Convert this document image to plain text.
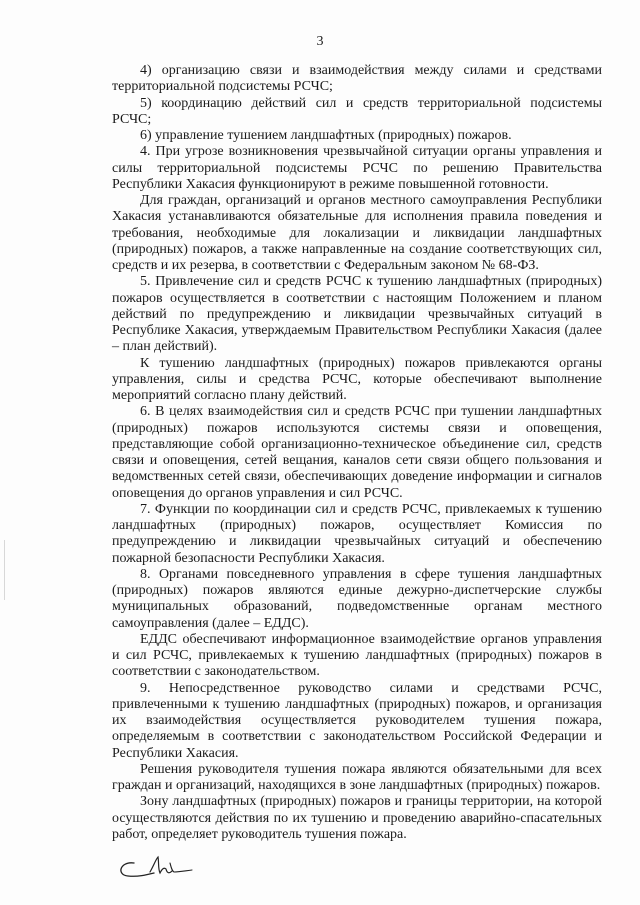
3

4) организацию связи и взаимодействия между силами и средствами территориальной подсистемы РСЧС;

5) координацию действий сил и средств территориальной подсистемы РСЧС;

6) управление тушением ландшафтных (природных) пожаров.

4. При угрозе возникновения чрезвычайной ситуации органы управления и силы территориальной подсистемы РСЧС по решению Правительства Республики Хакасия функционируют в режиме повышенной готовности.

Для граждан, организаций и органов местного самоуправления Республики Хакасия устанавливаются обязательные для исполнения правила поведения и требования, необходимые для локализации и ликвидации ландшафтных (природных) пожаров, а также направленные на создание соответствующих сил, средств и их резерва, в соответствии с Федеральным законом № 68-ФЗ.

5. Привлечение сил и средств РСЧС к тушению ландшафтных (природных) пожаров осуществляется в соответствии с настоящим Положением и планом действий по предупреждению и ликвидации чрезвычайных ситуаций в Республике Хакасия, утверждаемым Правительством Республики Хакасия (далее – план действий).

К тушению ландшафтных (природных) пожаров привлекаются органы управления, силы и средства РСЧС, которые обеспечивают выполнение мероприятий согласно плану действий.

6. В целях взаимодействия сил и средств РСЧС при тушении ландшафтных (природных) пожаров используются системы связи и оповещения, представляющие собой организационно-техническое объединение сил, средств связи и оповещения, сетей вещания, каналов сети связи общего пользования и ведомственных сетей связи, обеспечивающих доведение информации и сигналов оповещения до органов управления и сил РСЧС.

7. Функции по координации сил и средств РСЧС, привлекаемых к тушению ландшафтных (природных) пожаров, осуществляет Комиссия по предупреждению и ликвидации чрезвычайных ситуаций и обеспечению пожарной безопасности Республики Хакасия.

8. Органами повседневного управления в сфере тушения ландшафтных (природных) пожаров являются единые дежурно-диспетчерские службы муниципальных образований, подведомственные органам местного самоуправления (далее – ЕДДС).

ЕДДС обеспечивают информационное взаимодействие органов управления и сил РСЧС, привлекаемых к тушению ландшафтных (природных) пожаров в соответствии с законодательством.

9. Непосредственное руководство силами и средствами РСЧС, привлеченными к тушению ландшафтных (природных) пожаров, и организация их взаимодействия осуществляется руководителем тушения пожара, определяемым в соответствии с законодательством Российской Федерации и Республики Хакасия.

Решения руководителя тушения пожара являются обязательными для всех граждан и организаций, находящихся в зоне ландшафтных (природных) пожаров.

Зону ландшафтных (природных) пожаров и границы территории, на которой осуществляются действия по их тушению и проведению аварийно-спасательных работ, определяет руководитель тушения пожара.
